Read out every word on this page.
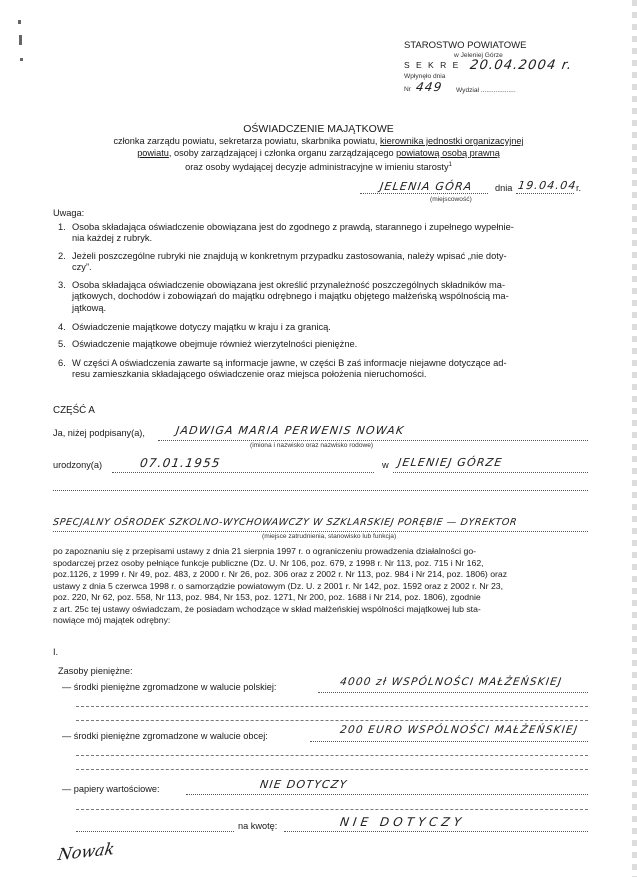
STAROSTWO POWIATOWE
w Jeleniej Górze
S E K R E 20.04.2004 r.
Wpłynęło dnia
Nr 449 Wydział ...................
OŚWIADCZENIE MAJĄTKOWE
członka zarządu powiatu, sekretarza powiatu, skarbnika powiatu, kierownika jednostki organizacyjnej
powiatu, osoby zarządzającej i członka organu zarządzającego powiatową osobą prawną
oraz osoby wydającej decyzje administracyjne w imieniu starosty$^1$
JELENIA GÓRA dnia 19.04.04
r.
(miejscowość)
Uwaga:
1. Osoba składająca oświadczenie obowiązana jest do zgodnego z prawdą, starannego i zupełnego wypełnie-
nia każdej z rubryk.
2. Jeżeli poszczególne rubryki nie znajdują w konkretnym przypadku zastosowania, należy wpisać „nie doty-
czy”.
3. Osoba składająca oświadczenie obowiązana jest określić przynależność poszczególnych składników ma-
jątkowych, dochodów i zobowiązań do majątku odrębnego i majątku objętego małżeńską wspólnością ma-
jątkową.
4. Oświadczenie majątkowe dotyczy majątku w kraju i za granicą.
5. Oświadczenie majątkowe obejmuje również wierzytelności pieniężne.
6. W części A oświadczenia zawarte są informacje jawne, w części B zaś informacje niejawne dotyczące ad-
resu zamieszkania składającego oświadczenie oraz miejsca położenia nieruchomości.
CZĘŚĆ A
Ja, niżej podpisany(a),	JADWIGA MARIA PERWENIS NOWAK
(imiona i nazwisko oraz nazwisko rodowe)
urodzony(a)	07.01.1955	w JELENIEJ GÓRZE
SPECJALNY OŚRODEK SZKOLNO-WYCHOWAWCZY W SZKLARSKIEJ PORĘBIE — DYREKTOR
(miejsce zatrudnienia, stanowisko lub funkcja)
po zapoznaniu się z przepisami ustawy z dnia 21 sierpnia 1997 r. o ograniczeniu prowadzenia działalności go-
spodarczej przez osoby pełniące funkcje publiczne (Dz. U. Nr 106, poz. 679, z 1998 r. Nr 113, poz. 715 i Nr 162,
poz.1126, z 1999 r. Nr 49, poz. 483, z 2000 r. Nr 26, poz. 306 oraz z 2002 r. Nr 113, poz. 984 i Nr 214, poz. 1806) oraz
ustawy z dnia 5 czerwca 1998 r. o samorządzie powiatowym (Dz. U. z 2001 r. Nr 142, poz. 1592 oraz z 2002 r. Nr 23,
poz. 220, Nr 62, poz. 558, Nr 113, poz. 984, Nr 153, poz. 1271, Nr 200, poz. 1688 i Nr 214, poz. 1806), zgodnie
z art. 25c tej ustawy oświadczam, że posiadam wchodzące w skład małżeńskiej wspólności majątkowej lub sta-
nowiące mój majątek odrębny:
I.
Zasoby pieniężne:
— środki pieniężne zgromadzone w walucie polskiej:	4000 zł WSPÓLNOŚCI MAŁŻEŃSKIEJ
— środki pieniężne zgromadzone w walucie obcej:	200 EURO WSPÓLNOŚCI MAŁŻEŃSKIEJ
— papiery wartościowe:	NIE DOTYCZY
na kwotę:	NIE DOTYCZY
Nowak
